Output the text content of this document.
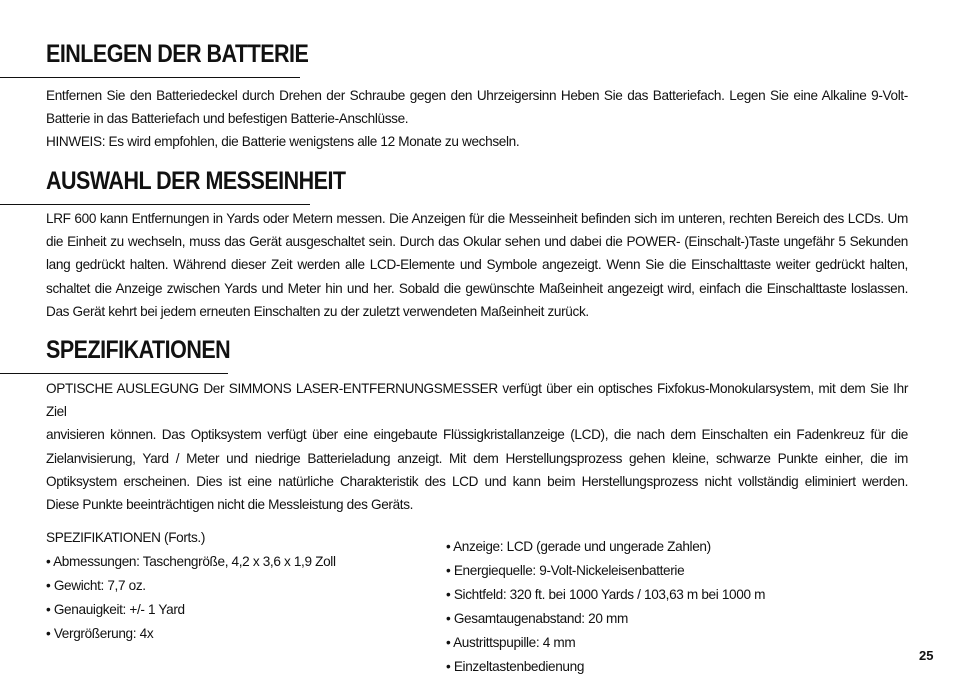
EINLEGEN DER BATTERIE
Entfernen Sie den Batteriedeckel durch Drehen der Schraube gegen den Uhrzeigersinn Heben Sie das Batteriefach. Legen Sie eine Alkaline 9-Volt-
Batterie in das Batteriefach und befestigen Batterie-Anschlüsse.
HINWEIS: Es wird empfohlen, die Batterie wenigstens alle 12 Monate zu wechseln.
AUSWAHL DER MESSEINHEIT
LRF 600 kann Entfernungen in Yards oder Metern messen. Die Anzeigen für die Messeinheit befinden sich im unteren, rechten Bereich des LCDs. Um
die Einheit zu wechseln, muss das Gerät ausgeschaltet sein. Durch das Okular sehen und dabei die POWER- (Einschalt-)Taste ungefähr 5 Sekunden
lang gedrückt halten. Während dieser Zeit werden alle LCD-Elemente und Symbole angezeigt. Wenn Sie die Einschalttaste weiter gedrückt halten,
schaltet die Anzeige zwischen Yards und Meter hin und her. Sobald die gewünschte Maßeinheit angezeigt wird, einfach die Einschalttaste loslassen.
Das Gerät kehrt bei jedem erneuten Einschalten zu der zuletzt verwendeten Maßeinheit zurück.
SPEZIFIKATIONEN
OPTISCHE AUSLEGUNG Der SIMMONS LASER-ENTFERNUNGSMESSER verfügt über ein optisches Fixfokus-Monokularsystem, mit dem Sie Ihr Ziel
anvisieren können. Das Optiksystem verfügt über eine eingebaute Flüssigkristallanzeige (LCD), die nach dem Einschalten ein Fadenkreuz für die
Zielanvisierung, Yard / Meter und niedrige Batterieladung anzeigt. Mit dem Herstellungsprozess gehen kleine, schwarze Punkte einher, die im
Optiksystem erscheinen. Dies ist eine natürliche Charakteristik des LCD und kann beim Herstellungsprozess nicht vollständig eliminiert werden.
Diese Punkte beeinträchtigen nicht die Messleistung des Geräts.
SPEZIFIKATIONEN (Forts.)
• Abmessungen: Taschengröße, 4,2 x 3,6 x 1,9 Zoll
• Gewicht: 7,7 oz.
• Genauigkeit: +/- 1 Yard
• Vergrößerung: 4x
• Anzeige: LCD (gerade und ungerade Zahlen)
• Energiequelle: 9-Volt-Nickeleisenbatterie
• Sichtfeld: 320 ft. bei 1000 Yards / 103,63 m bei 1000 m
• Gesamtaugenabstand: 20 mm
• Austrittspupille: 4 mm
• Einzeltastenbedienung
25
